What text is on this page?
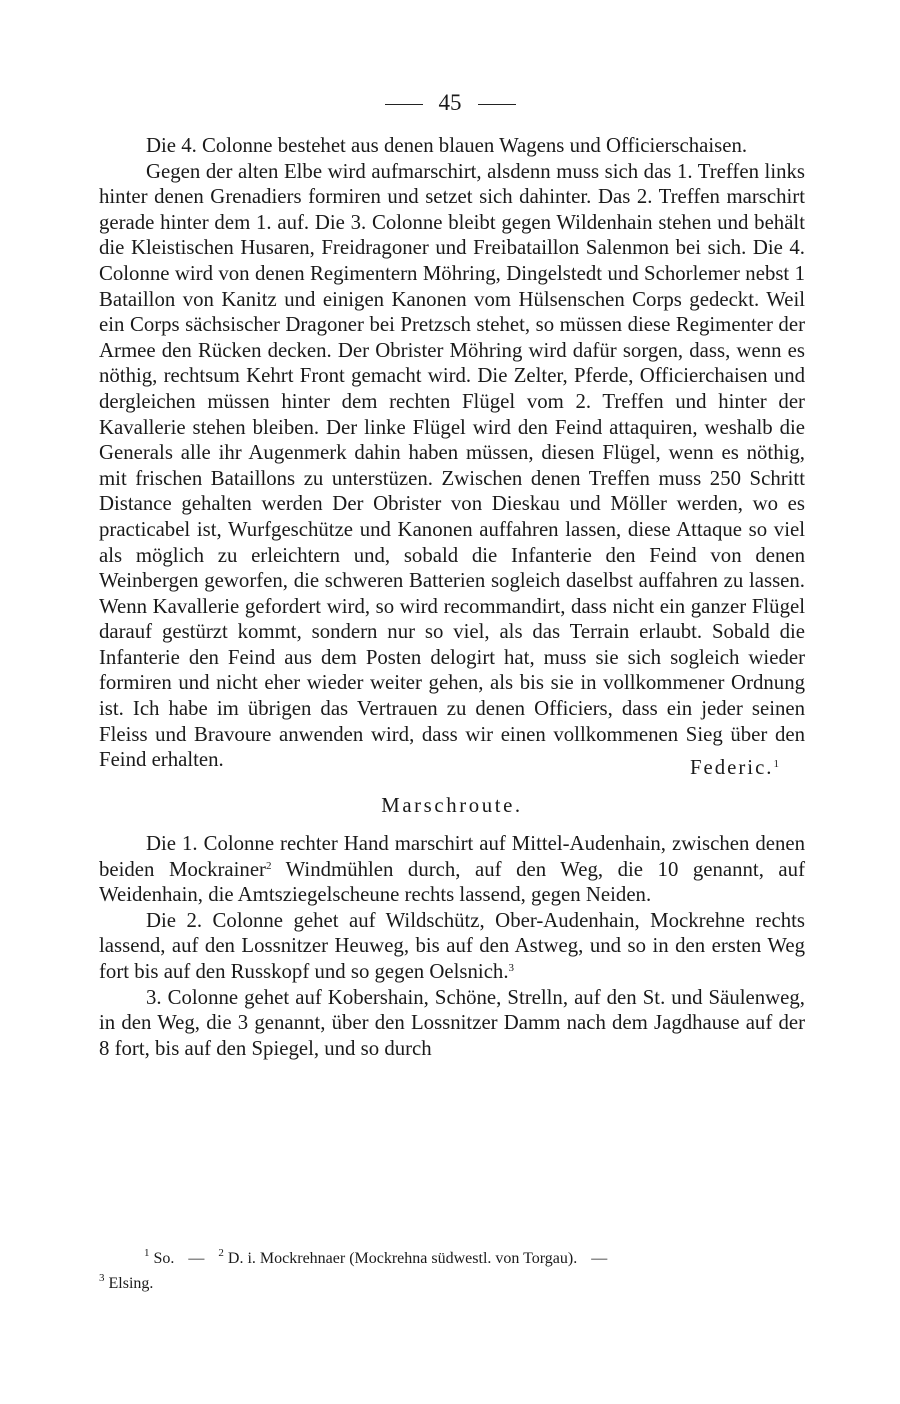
45

Die 4. Colonne bestehet aus denen blauen Wagens und Officierschaisen.

Gegen der alten Elbe wird aufmarschirt, alsdenn muss sich das 1. Treffen links hinter denen Grenadiers formiren und setzet sich dahinter. Das 2. Treffen marschirt gerade hinter dem 1. auf. Die 3. Colonne bleibt gegen Wildenhain stehen und behält die Kleistischen Husaren, Freidragoner und Freibataillon Salenmon bei sich. Die 4. Colonne wird von denen Regimentern Möhring, Dingelstedt und Schorlemer nebst 1 Bataillon von Kanitz und einigen Kanonen vom Hülsenschen Corps gedeckt. Weil ein Corps sächsischer Dragoner bei Pretzsch stehet, so müssen diese Regimenter der Armee den Rücken decken. Der Obrister Möhring wird dafür sorgen, dass, wenn es nöthig, rechtsum Kehrt Front gemacht wird. Die Zelter, Pferde, Officierchaisen und dergleichen müssen hinter dem rechten Flügel vom 2. Treffen und hinter der Kavallerie stehen bleiben. Der linke Flügel wird den Feind attaquiren, weshalb die Generals alle ihr Augenmerk dahin haben müssen, diesen Flügel, wenn es nöthig, mit frischen Bataillons zu unterstüzen. Zwischen denen Treffen muss 250 Schritt Distance gehalten werden Der Obrister von Dieskau und Möller werden, wo es practicabel ist, Wurfgeschütze und Kanonen auffahren lassen, diese Attaque so viel als möglich zu erleichtern und, sobald die Infanterie den Feind von denen Weinbergen geworfen, die schweren Batterien sogleich daselbst auffahren zu lassen. Wenn Kavallerie gefordert wird, so wird recommandirt, dass nicht ein ganzer Flügel darauf gestürzt kommt, sondern nur so viel, als das Terrain erlaubt. Sobald die Infanterie den Feind aus dem Posten delogirt hat, muss sie sich sogleich wieder formiren und nicht eher wieder weiter gehen, als bis sie in vollkommener Ordnung ist. Ich habe im übrigen das Vertrauen zu denen Officiers, dass ein jeder seinen Fleiss und Bravoure anwenden wird, dass wir einen vollkommenen Sieg über den Feind erhalten.	Federic.$^1$
Marschroute.

Die 1. Colonne rechter Hand marschirt auf Mittel-Audenhain, zwischen denen beiden Mockrainer$^2$ Windmühlen durch, auf den Weg, die 10 genannt, auf Weidenhain, die Amtsziegelscheune rechts lassend, gegen Neiden.

Die 2. Colonne gehet auf Wildschütz, Ober-Audenhain, Mockrehne rechts lassend, auf den Lossnitzer Heuweg, bis auf den Astweg, und so in den ersten Weg fort bis auf den Russkopf und so gegen Oelsnich.$^3$

3. Colonne gehet auf Kobershain, Schöne, Strelln, auf den St. und Säulenweg, in den Weg, die 3 genannt, über den Lossnitzer Damm nach dem Jagdhause auf der 8 fort, bis auf den Spiegel, und so durch

$^1$ So. — $^2$ D. i. Mockrehnaer (Mockrehna südwestl. von Torgau). —
$^3$ Elsing.
